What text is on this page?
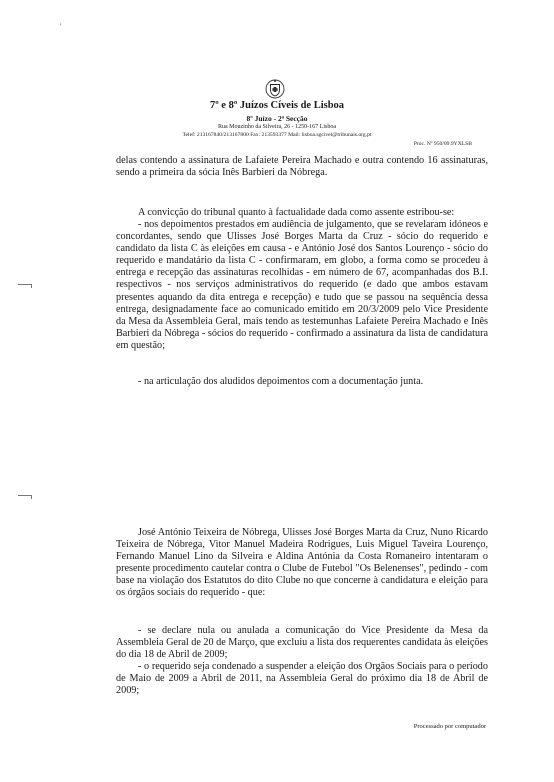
'
7º e 8º Juízos Cíveis de Lisboa
8º Juízo - 2ª Secção
Rua Mouzinho da Silveira, 26 - 1250-167 Lisboa
Telef: 213167840/213167800 Fax: 213593377 Mail: lisboa.sgcivel@tribunais.org.pt
Proc. Nº 950/09.9YXLSB

delas contendo a assinatura de Lafaiete Pereira Machado e outra contendo 16 assinaturas, sendo a primeira da sócia Inês Barbieri da Nóbrega.

A convicção do tribunal quanto à factualidade dada como assente estribou-se:

- nos depoimentos prestados em audiência de julgamento, que se revelaram idóneos e concordantes, sendo que Ulisses José Borges Marta da Cruz - sócio do requerido e candidato da lista C às eleições em causa - e António José dos Santos Lourenço - sócio do requerido e mandatário da lista C - confirmaram, em globo, a forma como se procedeu à entrega e recepção das assinaturas recolhidas - em número de 67, acompanhadas dos B.I. respectivos - nos serviços administrativos do requerido (e dado que ambos estavam presentes aquando da dita entrega e recepção) e tudo que se passou na sequência dessa entrega, designadamente face ao comunicado emitido em 20/3/2009 pelo Vice Presidente da Mesa da Assembleia Geral, mais tendo as testemunhas Lafaiete Pereira Machado e Inês Barbieri da Nóbrega - sócios do requerido - confirmado a assinatura da lista de candidatura em questão;

- na articulação dos aludidos depoimentos com a documentação junta.

José António Teixeira de Nóbrega, Ulisses José Borges Marta da Cruz, Nuno Ricardo Teixeira de Nóbrega, Vitor Manuel Madeira Rodrigues, Luis Miguel Taveira Lourenço, Fernando Manuel Lino da Silveira e Aldina Antónia da Costa Romaneiro intentaram o presente procedimento cautelar contra o Clube de Futebol "Os Belenenses", pedindo - com base na violação dos Estatutos do dito Clube no que concerne à candidatura e eleição para os órgãos sociais do requerido - que:

- se declare nula ou anulada a comunicação do Vice Presidente da Mesa da Assembleia Geral de 20 de Março, que excluiu a lista dos requerentes candidata às eleições do dia 18 de Abril de 2009;

- o requerido seja condenado a suspender a eleição dos Orgãos Sociais para o período de Maio de 2009 a Abril de 2011, na Assembleia Geral do próximo dia 18 de Abril de 2009;

Processado por computador
